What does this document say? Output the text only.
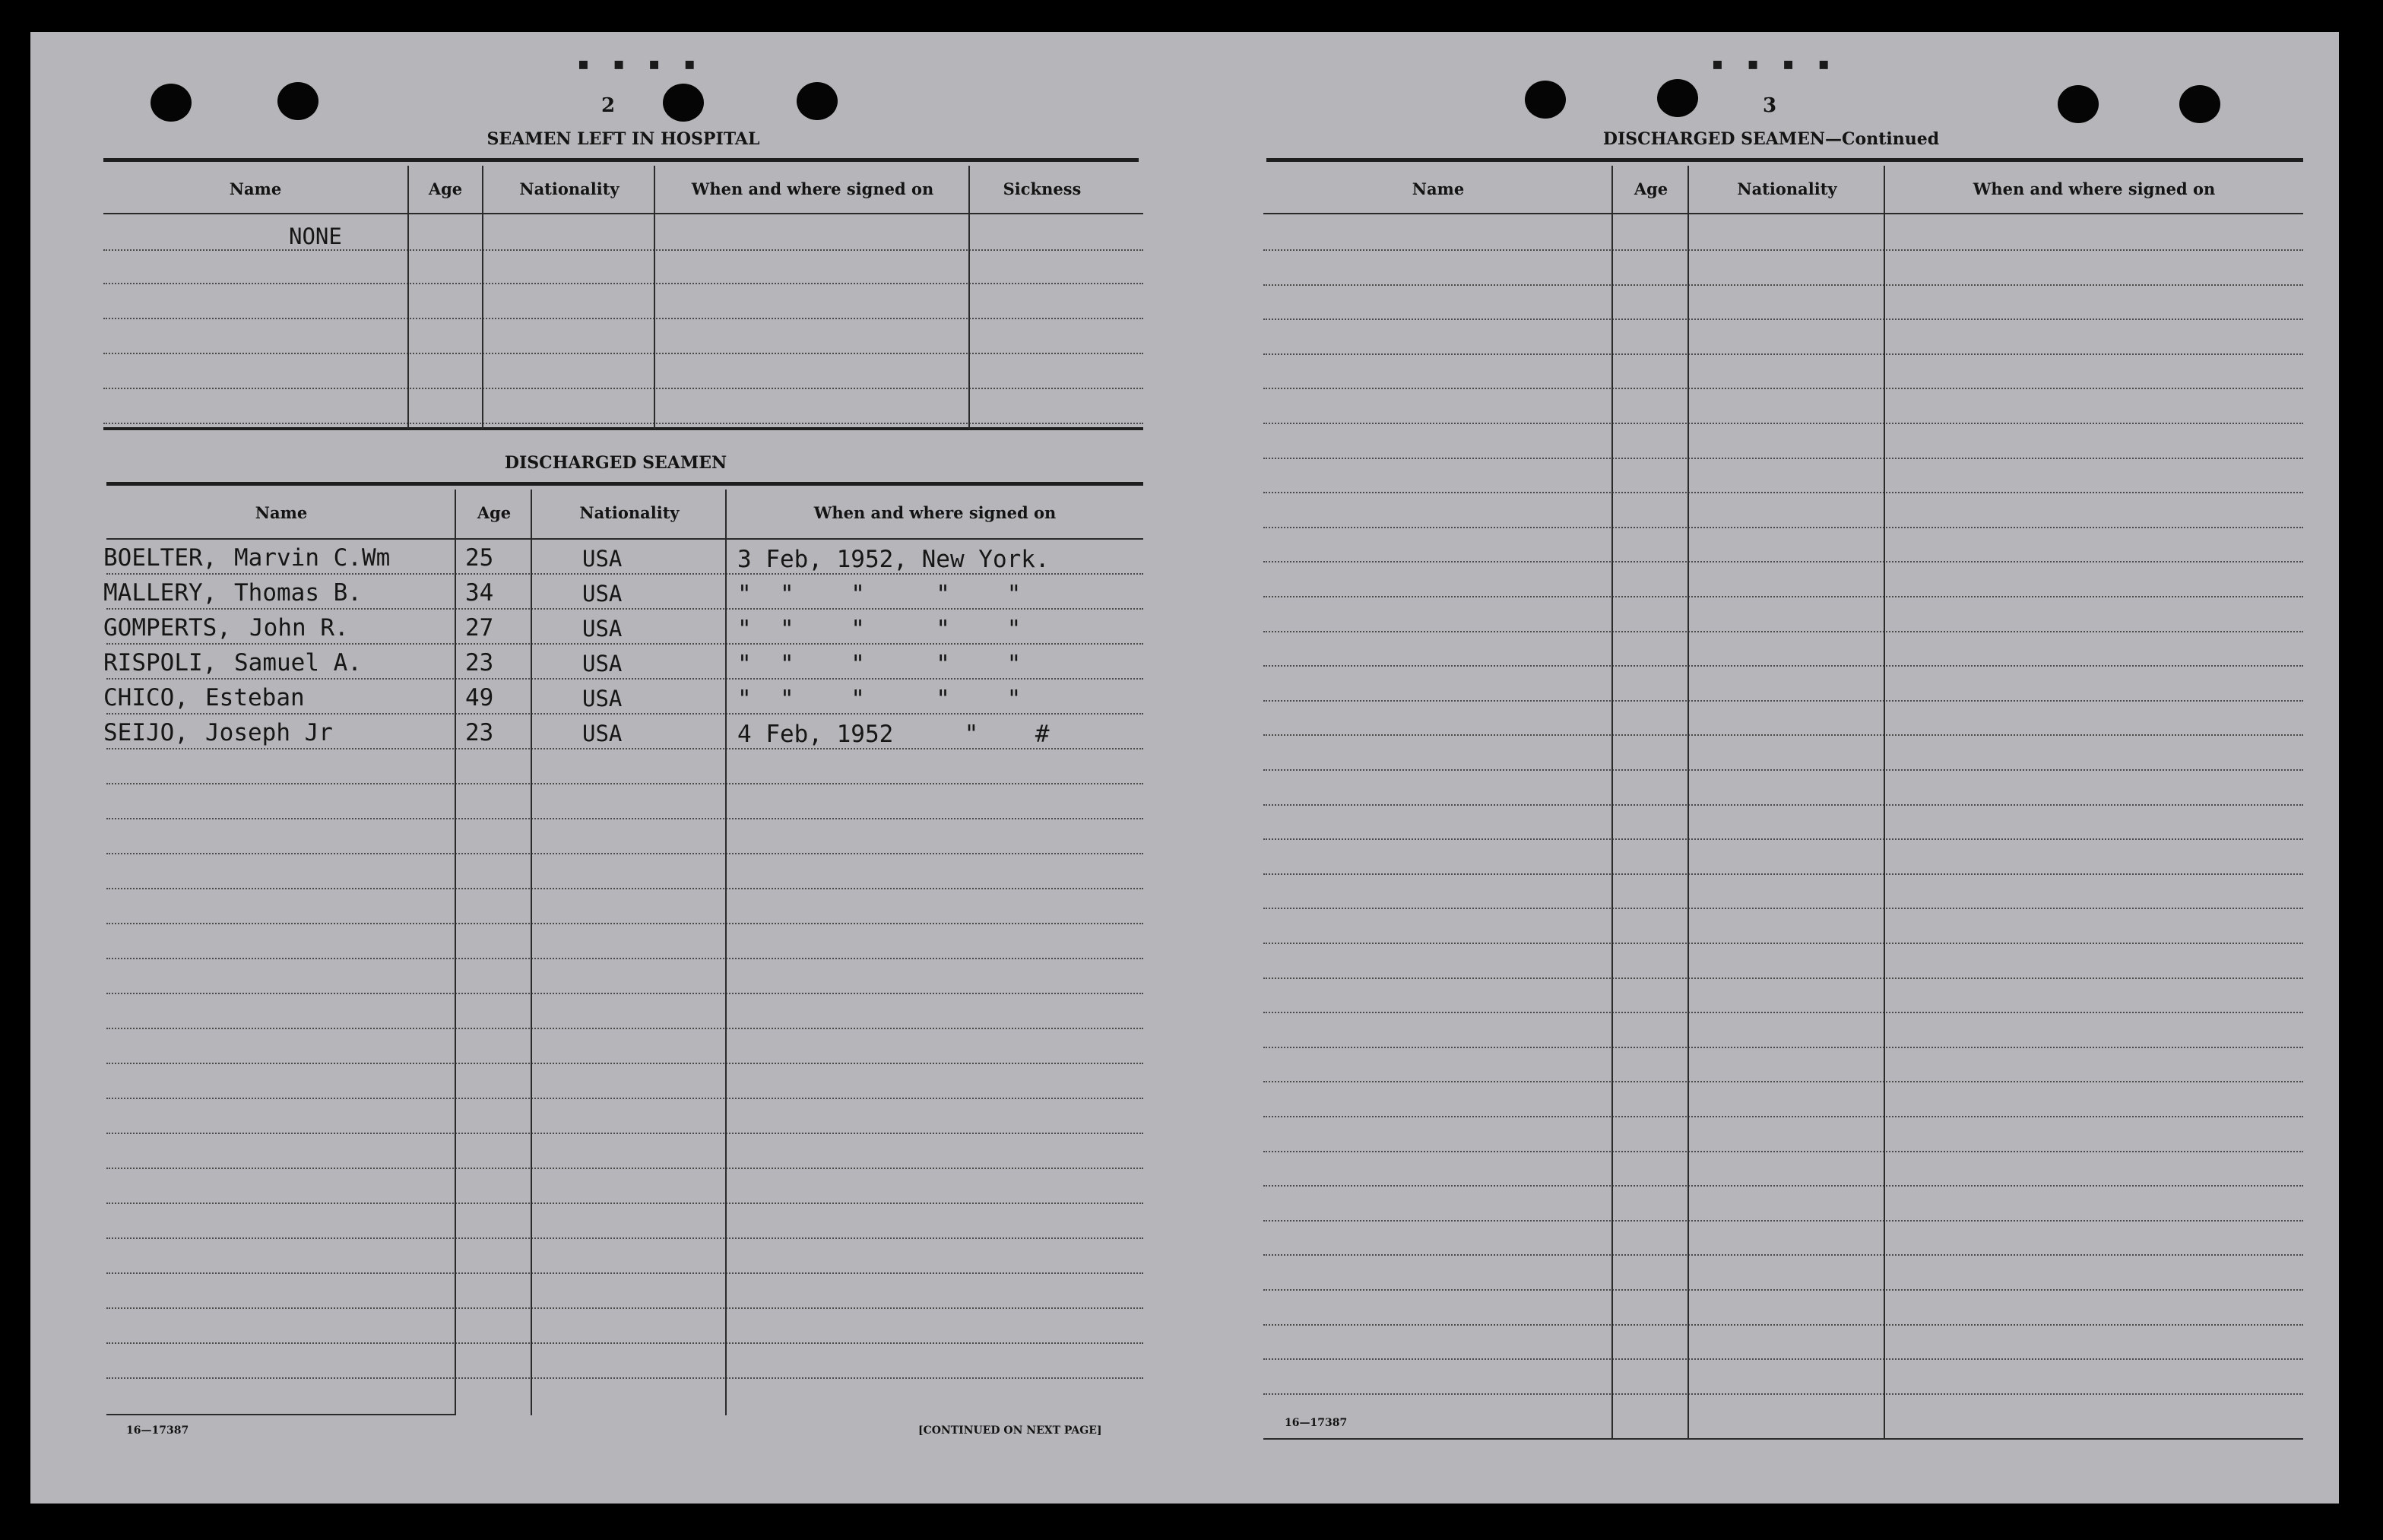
▪ ▪ ▪ ▪	▪ ▪ ▪ ▪
2
SEAMEN LEFT IN HOSPITAL
Name	Age	Nationality	When and where signed on	Sickness
NONE
DISCHARGED SEAMEN
Name	Age	Nationality	When and where signed on
BOELTER, Marvin C.Wm	25	USA	3 Feb, 1952, New York.
MALLERY, Thomas B.	34	USA	"  "    "     "    "
GOMPERTS, John R.	27	USA	"  "    "     "    "
RISPOLI, Samuel A.	23	USA	"  "    "     "    "
CHICO, Esteban	49	USA	"  "    "     "    "
SEIJO, Joseph Jr	23	USA	4 Feb, 1952     "    #
16—17387	[CONTINUED ON NEXT PAGE]
3
DISCHARGED SEAMEN—Continued
Name	Age	Nationality	When and where signed on
16—17387
